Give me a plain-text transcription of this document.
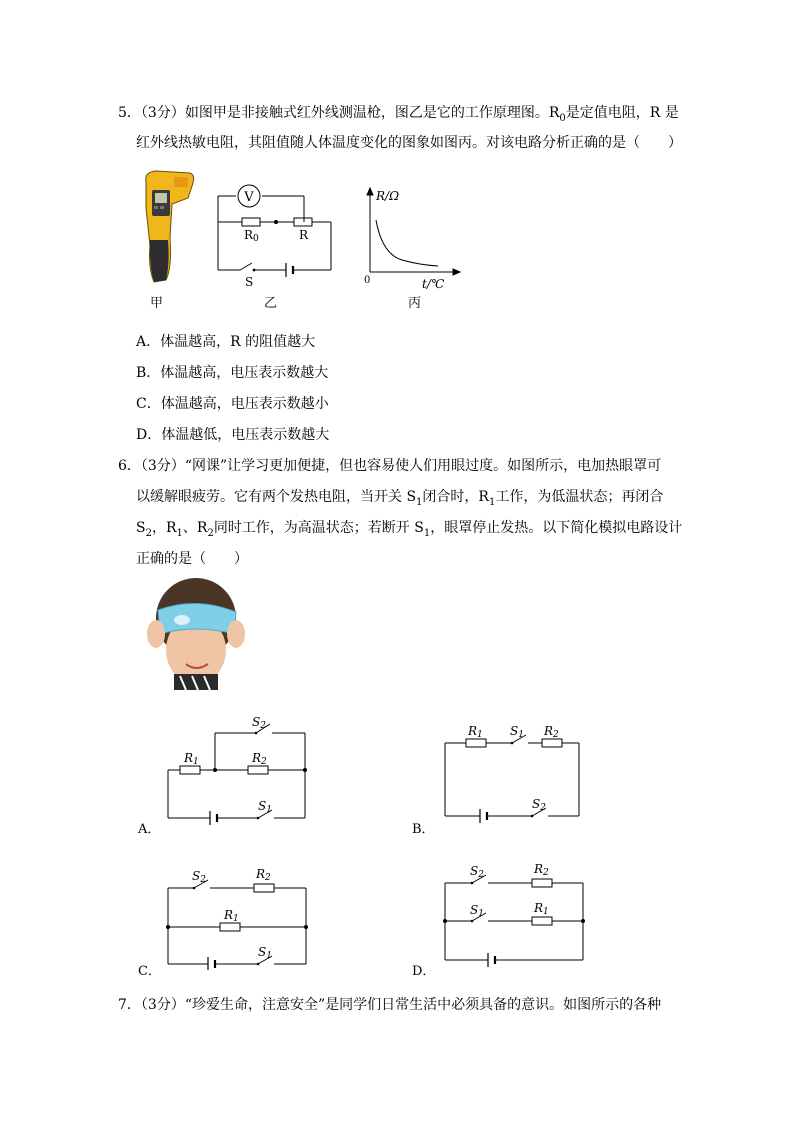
5．（3分）如图甲是非接触式红外线测温枪，图乙是它的工作原理图。$R_0$是定值电阻，R 是
红外线热敏电阻，其阻值随人体温度变化的图象如图丙。对该电路分析正确的是（　　）
甲
V
R0	R
S
乙
R/Ω
0	t/℃
丙
A．体温越高，R 的阻值越大
B．体温越高，电压表示数越大
C．体温越高，电压表示数越小
D．体温越低，电压表示数越大
6．（3分）“网课”让学习更加便捷，但也容易使人们用眼过度。如图所示，电加热眼罩可
以缓解眼疲劳。它有两个发热电阻，当开关 $S_1$闭合时，$R_1$工作，为低温状态；再闭合
$S_2$，$R_1$、$R_2$同时工作，为高温状态；若断开 $S_1$，眼罩停止发热。以下简化模拟电路设计
正确的是（　　）
S2
R1	R2
S1
A．
R1 S1 R2
S2
B．
S2	R2
R1
S1
C．
S2	R2
S1	R1
D．
7．（3分）“珍爱生命，注意安全”是同学们日常生活中必须具备的意识。如图所示的各种
